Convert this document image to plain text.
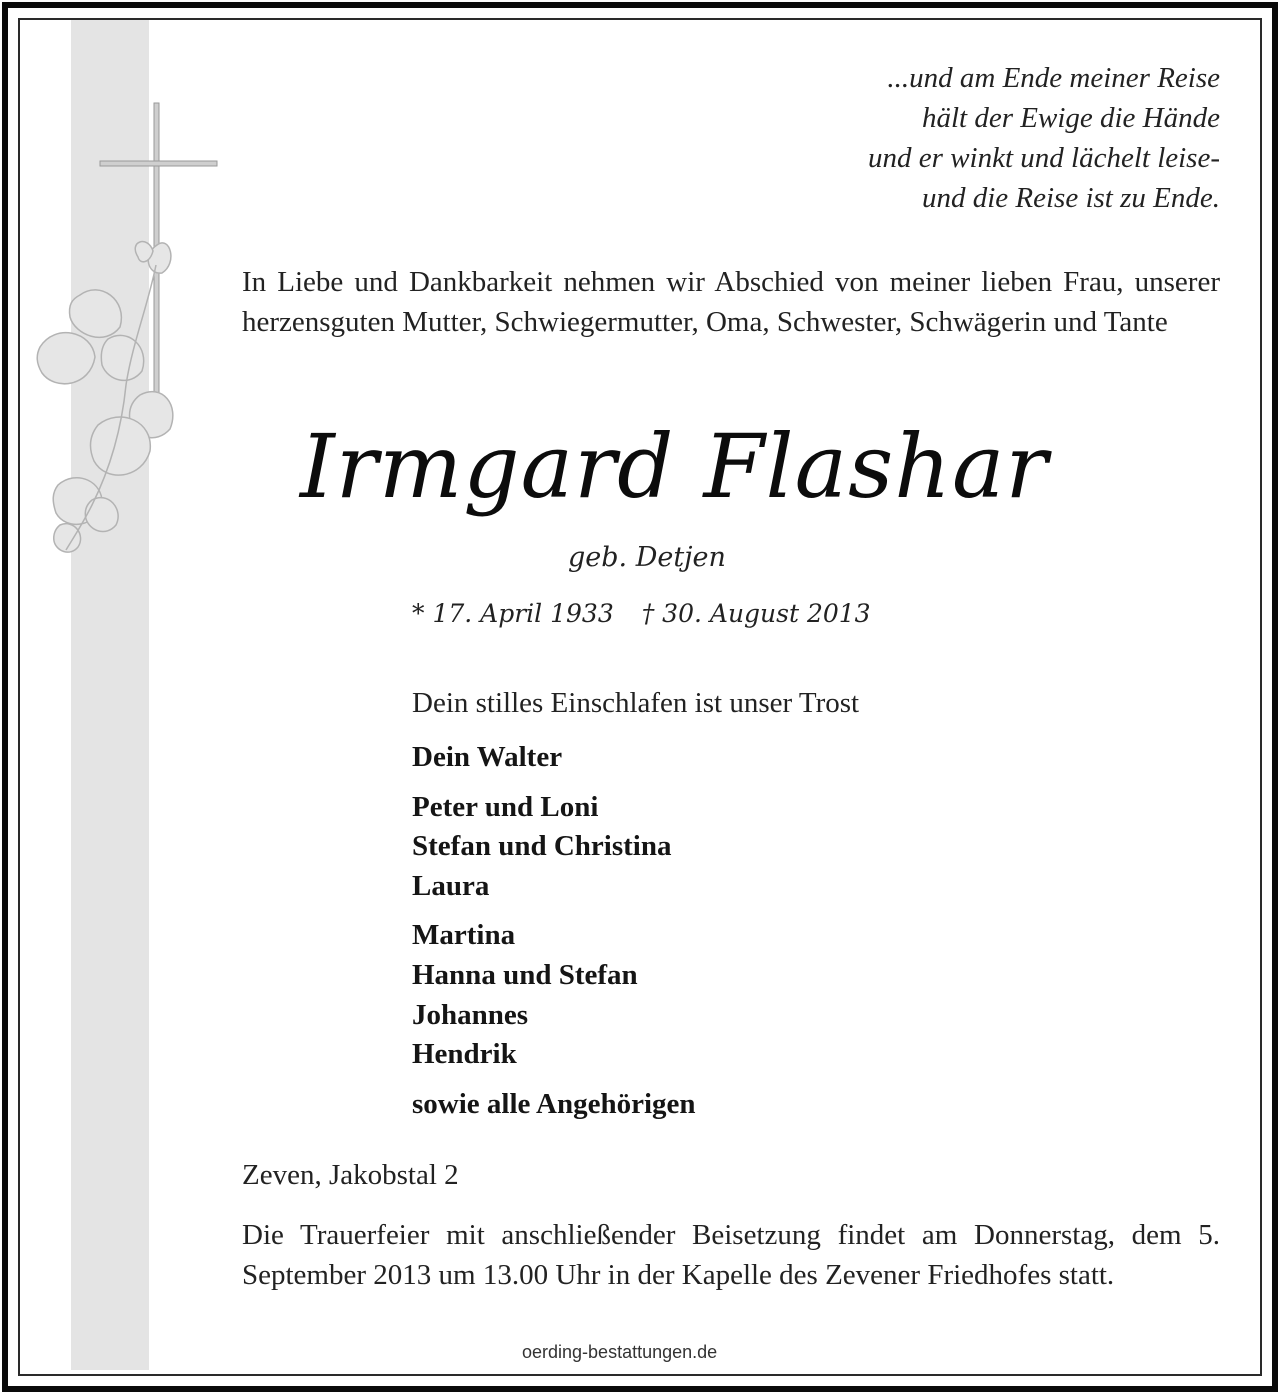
...und am Ende meiner Reise
hält der Ewige die Hände
und er winkt und lächelt leise-
und die Reise ist zu Ende.
In Liebe und Dankbarkeit nehmen wir Abschied von meiner lieben Frau, unserer herzensguten Mutter, Schwiegermutter, Oma, Schwester, Schwägerin und Tante
Irmgard Flashar
geb. Detjen
* 17. April 1933 † 30. August 2013
Dein stilles Einschlafen ist unser Trost
Dein Walter
Peter und Loni
Stefan und Christina
Laura
Martina
Hanna und Stefan
Johannes
Hendrik
sowie alle Angehörigen
Zeven, Jakobstal 2
Die Trauerfeier mit anschließender Beisetzung findet am Donnerstag, dem 5. September 2013 um 13.00 Uhr in der Kapelle des Zevener Friedhofes statt.
oerding-bestattungen.de
